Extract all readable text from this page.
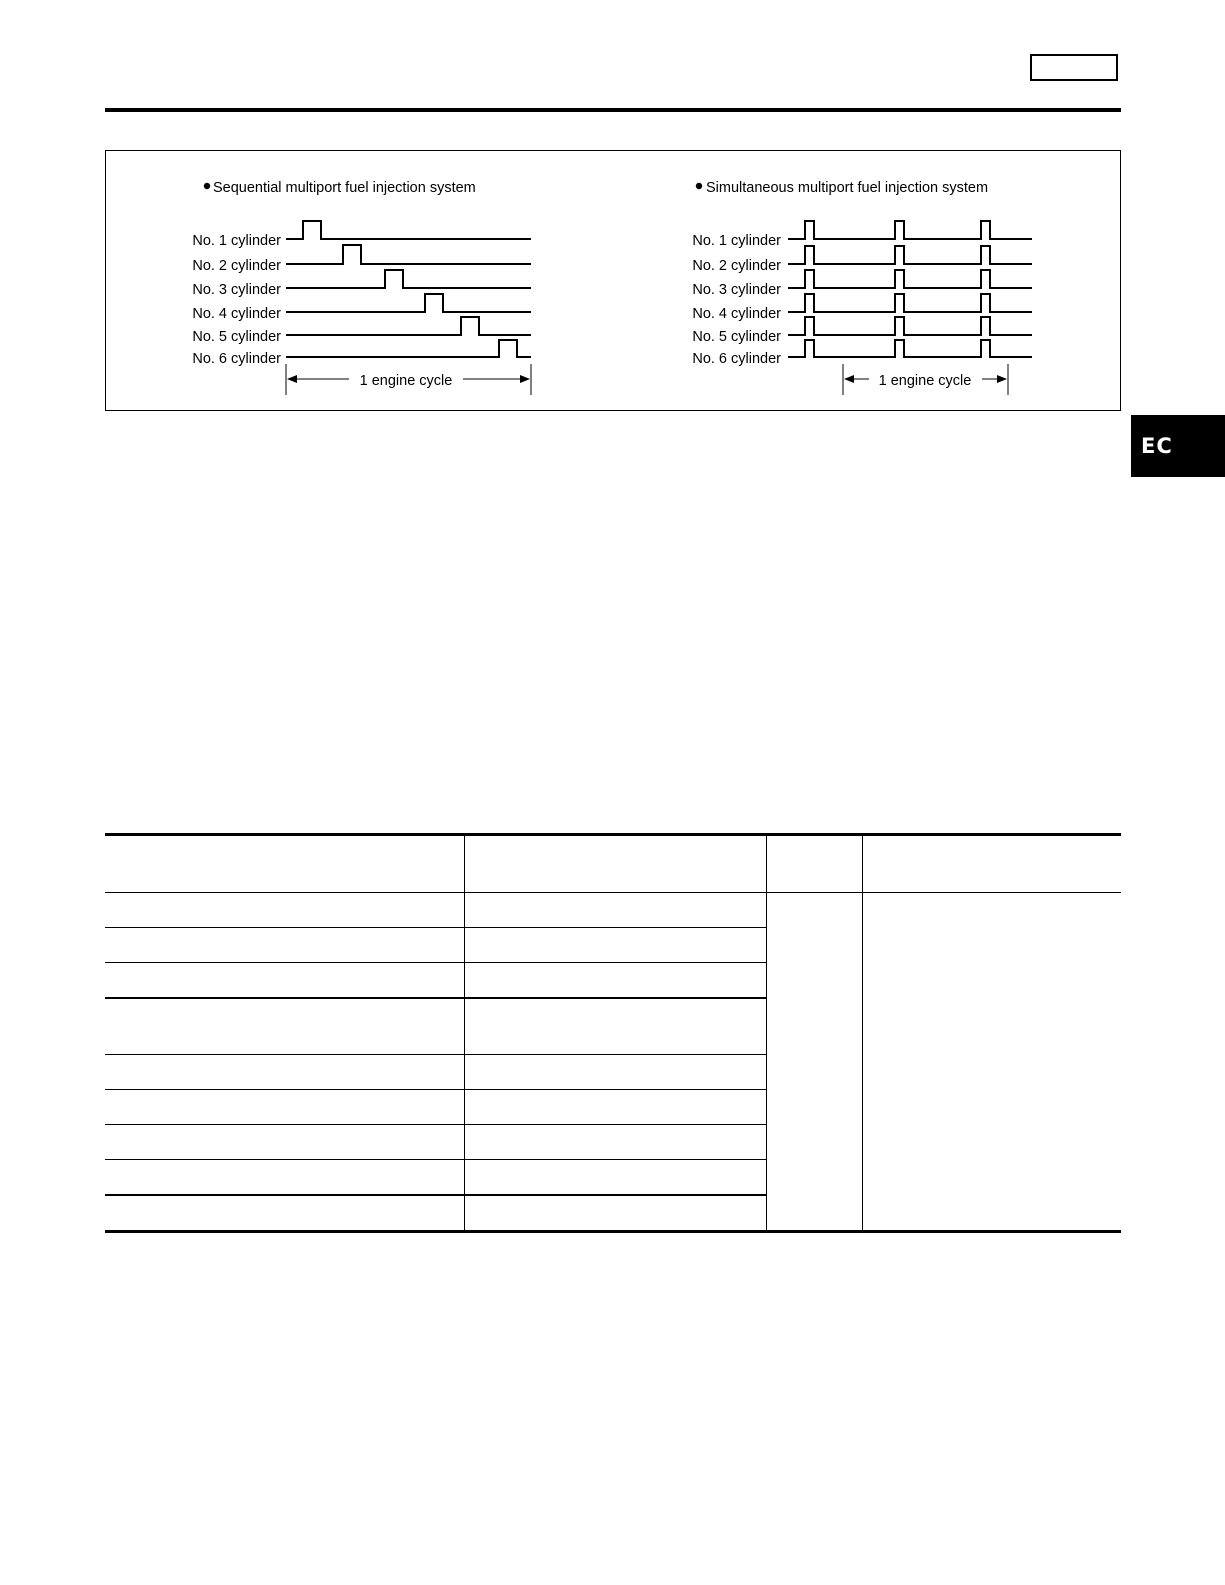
EC
Sequential multiport fuel injection system
No. 1 cylinder
No. 2 cylinder
No. 3 cylinder
No. 4 cylinder
No. 5 cylinder
No. 6 cylinder
1 engine cycle
Simultaneous multiport fuel injection system
No. 1 cylinder
No. 2 cylinder
No. 3 cylinder
No. 4 cylinder
No. 5 cylinder
No. 6 cylinder
1 engine cycle
